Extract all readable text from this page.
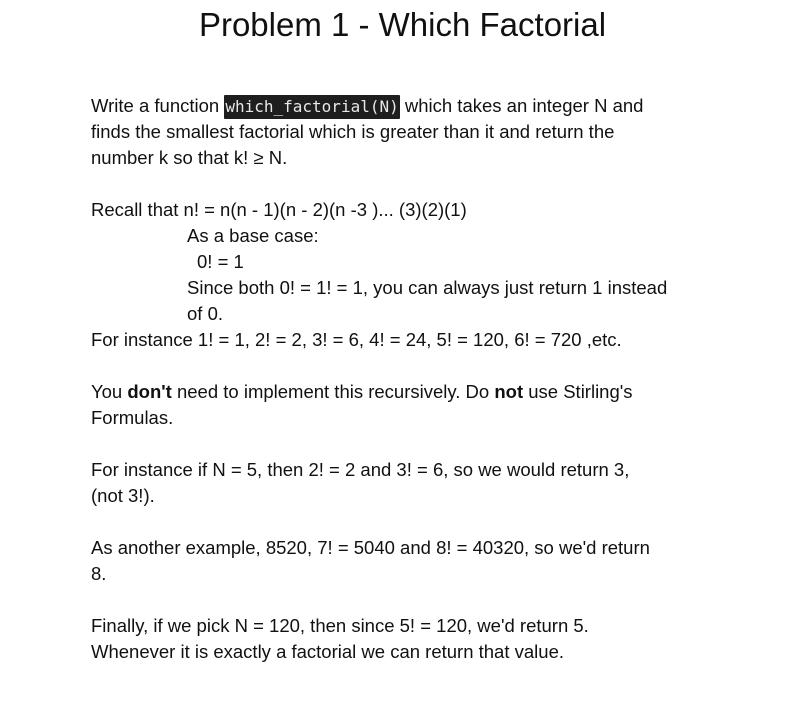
Problem 1 - Which Factorial
Write a function which_factorial(N) which takes an integer N and
finds the smallest factorial which is greater than it and return the
number k so that k! ≥ N.
Recall that n! = n(n - 1)(n - 2)(n -3 )... (3)(2)(1)
As a base case:
0! = 1
Since both 0! = 1! = 1, you can always just return 1 instead
of 0.
For instance 1! = 1, 2! = 2, 3! = 6, 4! = 24, 5! = 120, 6! = 720 ,etc.
You don't need to implement this recursively. Do not use Stirling's
Formulas.
For instance if N = 5, then 2! = 2 and 3! = 6, so we would return 3,
(not 3!).
As another example, 8520, 7! = 5040 and 8! = 40320, so we'd return
8.
Finally, if we pick N = 120, then since 5! = 120, we'd return 5.
Whenever it is exactly a factorial we can return that value.
